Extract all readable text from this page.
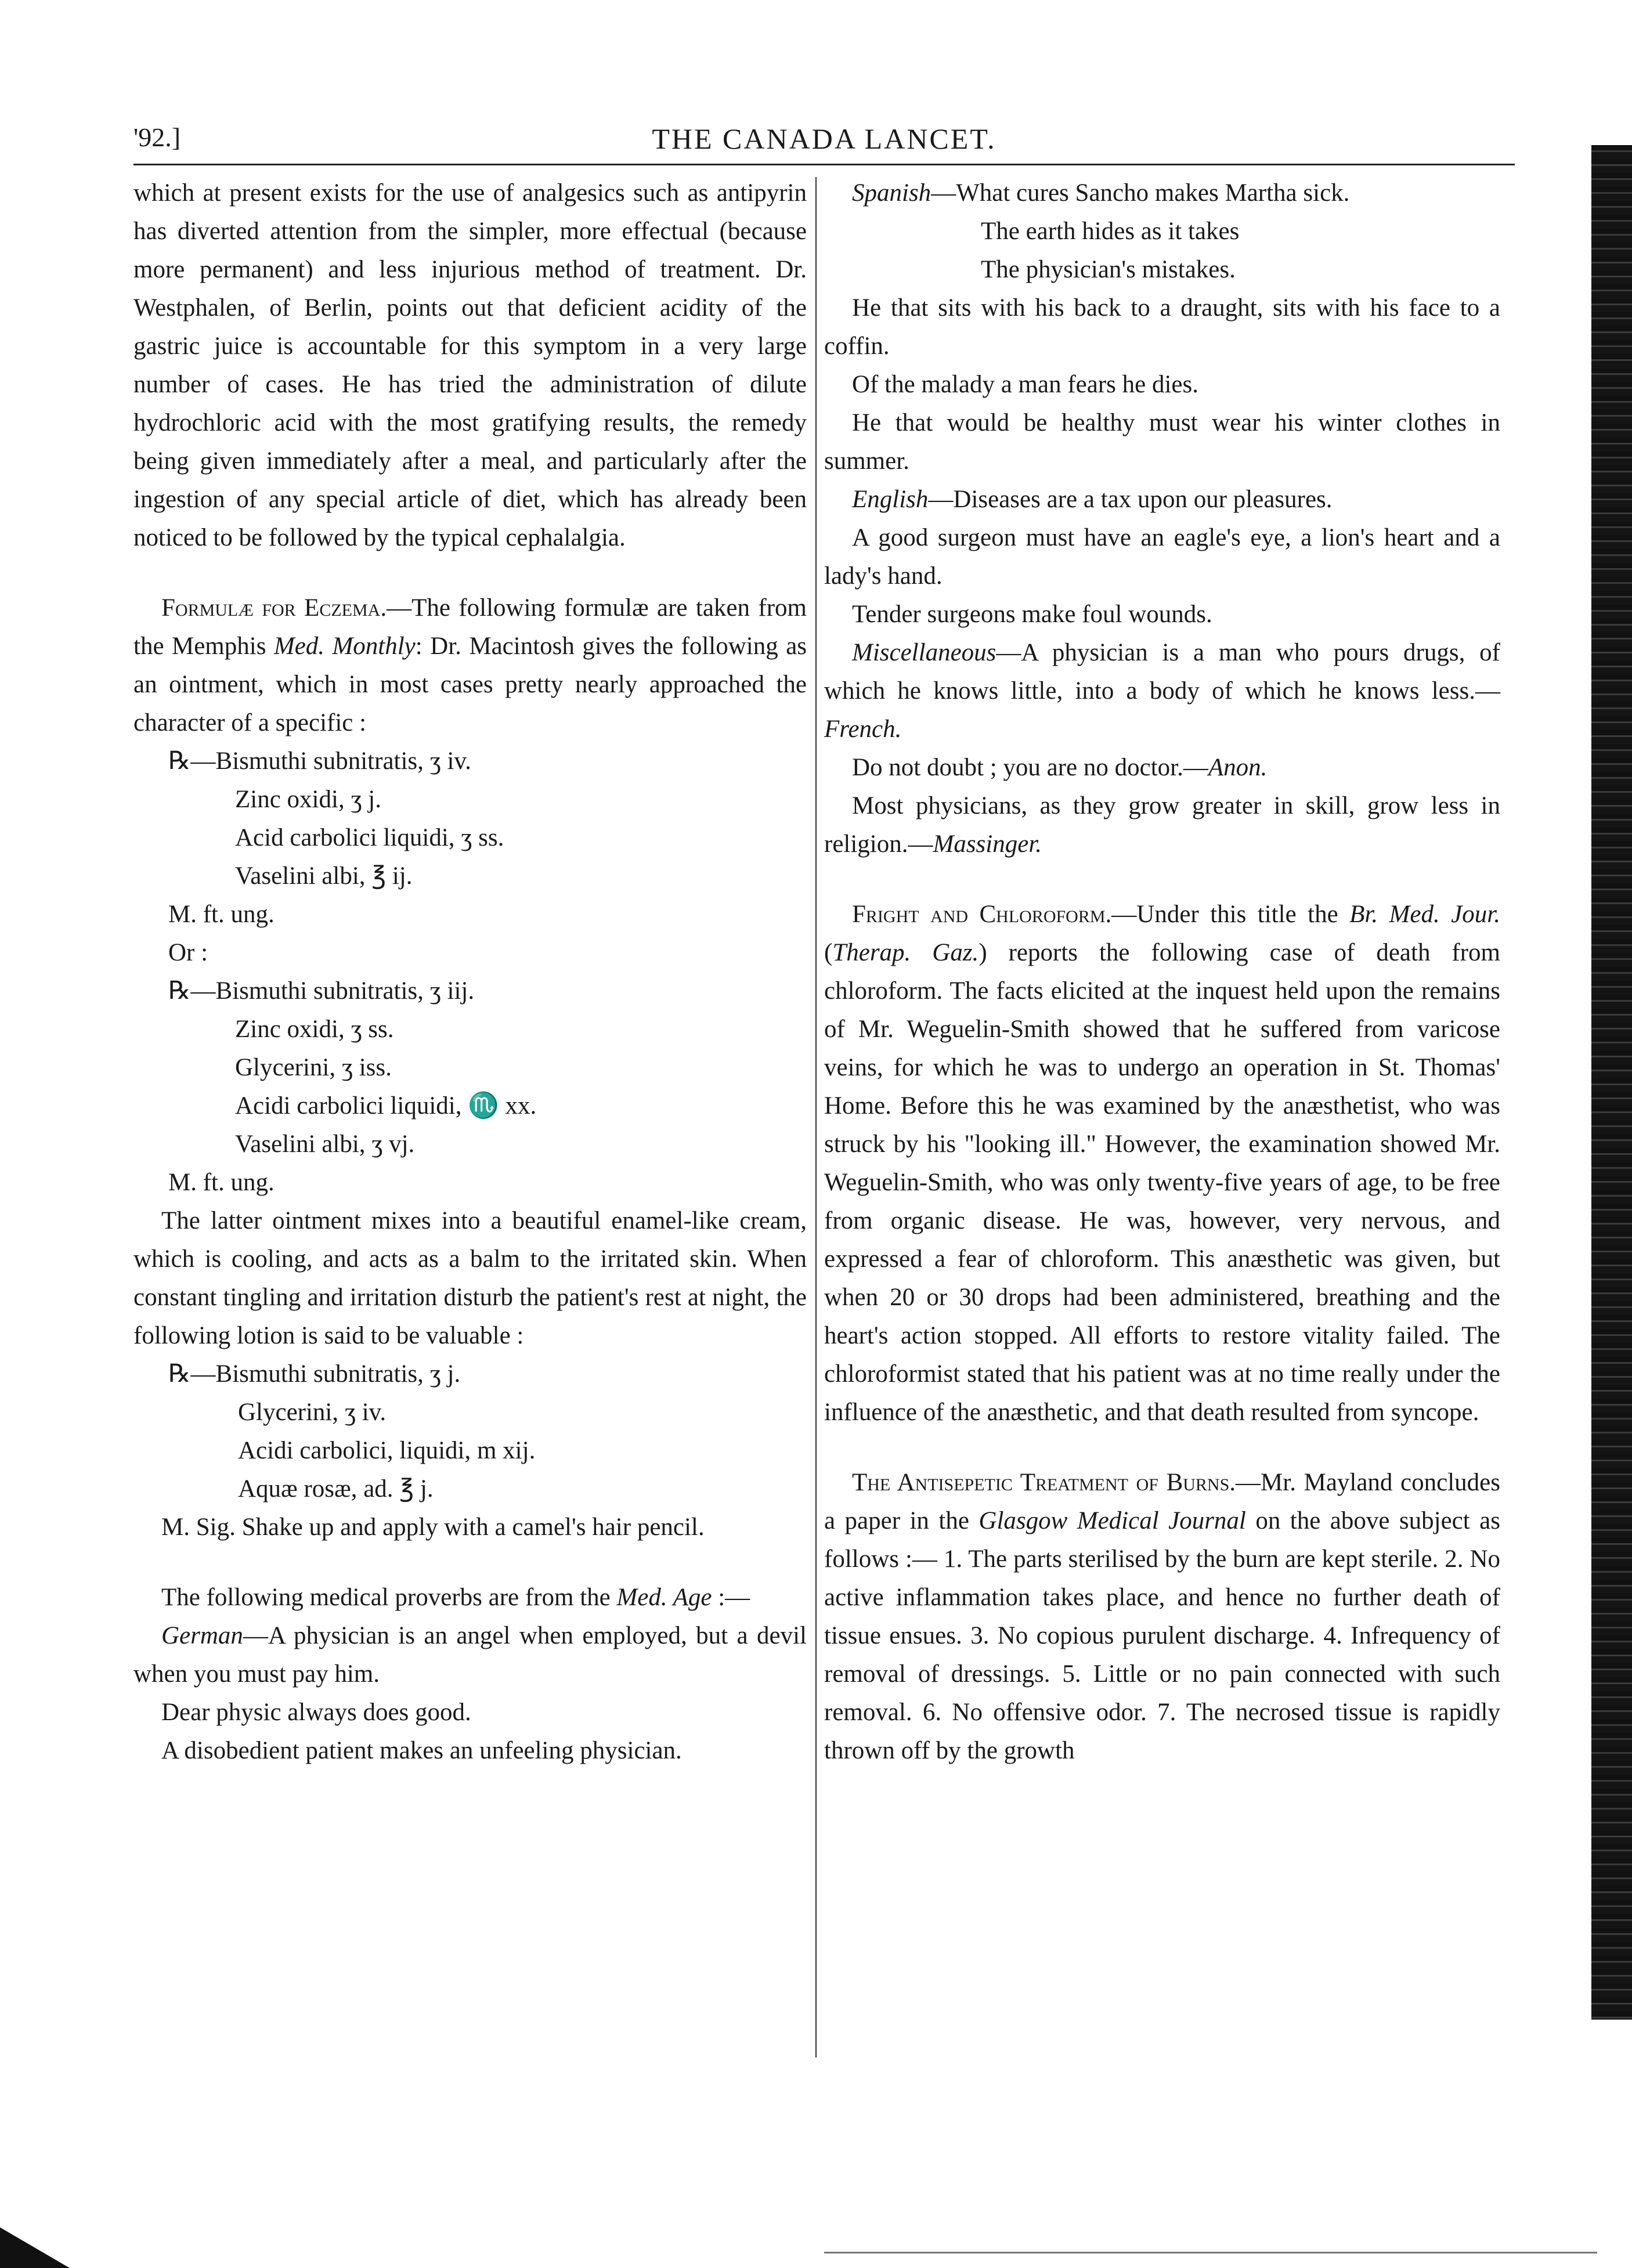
'92.]	THE CANADA LANCET.

which at present exists for the use of analgesics such as antipyrin has diverted attention from the simpler, more effectual (because more permanent) and less injurious method of treatment. Dr. Westphalen, of Berlin, points out that deficient acidity of the gastric juice is accountable for this symptom in a very large number of cases. He has tried the administration of dilute hydrochloric acid with the most gratifying results, the remedy being given immediately after a meal, and particularly after the ingestion of any special article of diet, which has already been noticed to be followed by the typical cephalalgia.

Formulæ for Eczema.—The following formulæ are taken from the Memphis Med. Monthly: Dr. Macintosh gives the following as an ointment, which in most cases pretty nearly approached the character of a specific :

℞—Bismuthi subnitratis, ʒ iv.

Zinc oxidi, ʒ j.

Acid carbolici liquidi, ʒ ss.

Vaselini albi, ℥ ij.

M. ft. ung.

Or :

℞—Bismuthi subnitratis, ʒ iij.

Zinc oxidi, ʒ ss.

Glycerini, ʒ iss.

Acidi carbolici liquidi, ♏ xx.

Vaselini albi, ʒ vj.

M. ft. ung.

The latter ointment mixes into a beautiful enamel-like cream, which is cooling, and acts as a balm to the irritated skin. When constant tingling and irritation disturb the patient's rest at night, the following lotion is said to be valuable :

℞—Bismuthi subnitratis, ʒ j.

Glycerini, ʒ iv.

Acidi carbolici, liquidi, m xij.

Aquæ rosæ, ad. ℥ j.

M. Sig. Shake up and apply with a camel's hair pencil.

The following medical proverbs are from the Med. Age :—

German—A physician is an angel when employed, but a devil when you must pay him.

Dear physic always does good.

A disobedient patient makes an unfeeling physician.

Spanish—What cures Sancho makes Martha sick.

The earth hides as it takes

The physician's mistakes.

He that sits with his back to a draught, sits with his face to a coffin.

Of the malady a man fears he dies.

He that would be healthy must wear his winter clothes in summer.

English—Diseases are a tax upon our pleasures.

A good surgeon must have an eagle's eye, a lion's heart and a lady's hand.

Tender surgeons make foul wounds.

Miscellaneous—A physician is a man who pours drugs, of which he knows little, into a body of which he knows less.—French.

Do not doubt ; you are no doctor.—Anon.

Most physicians, as they grow greater in skill, grow less in religion.—Massinger.

Fright and Chloroform.—Under this title the Br. Med. Jour. (Therap. Gaz.) reports the following case of death from chloroform. The facts elicited at the inquest held upon the remains of Mr. Weguelin-Smith showed that he suffered from varicose veins, for which he was to undergo an operation in St. Thomas' Home. Before this he was examined by the anæsthetist, who was struck by his "looking ill." However, the examination showed Mr. Weguelin-Smith, who was only twenty-five years of age, to be free from organic disease. He was, however, very nervous, and expressed a fear of chloroform. This anæsthetic was given, but when 20 or 30 drops had been administered, breathing and the heart's action stopped. All efforts to restore vitality failed. The chloroformist stated that his patient was at no time really under the influence of the anæsthetic, and that death resulted from syncope.

The Antisepetic Treatment of Burns.—Mr. Mayland concludes a paper in the Glasgow Medical Journal on the above subject as follows :— 1. The parts sterilised by the burn are kept sterile. 2. No active inflammation takes place, and hence no further death of tissue ensues. 3. No copious purulent discharge. 4. Infrequency of removal of dressings. 5. Little or no pain connected with such removal. 6. No offensive odor. 7. The necrosed tissue is rapidly thrown off by the growth
